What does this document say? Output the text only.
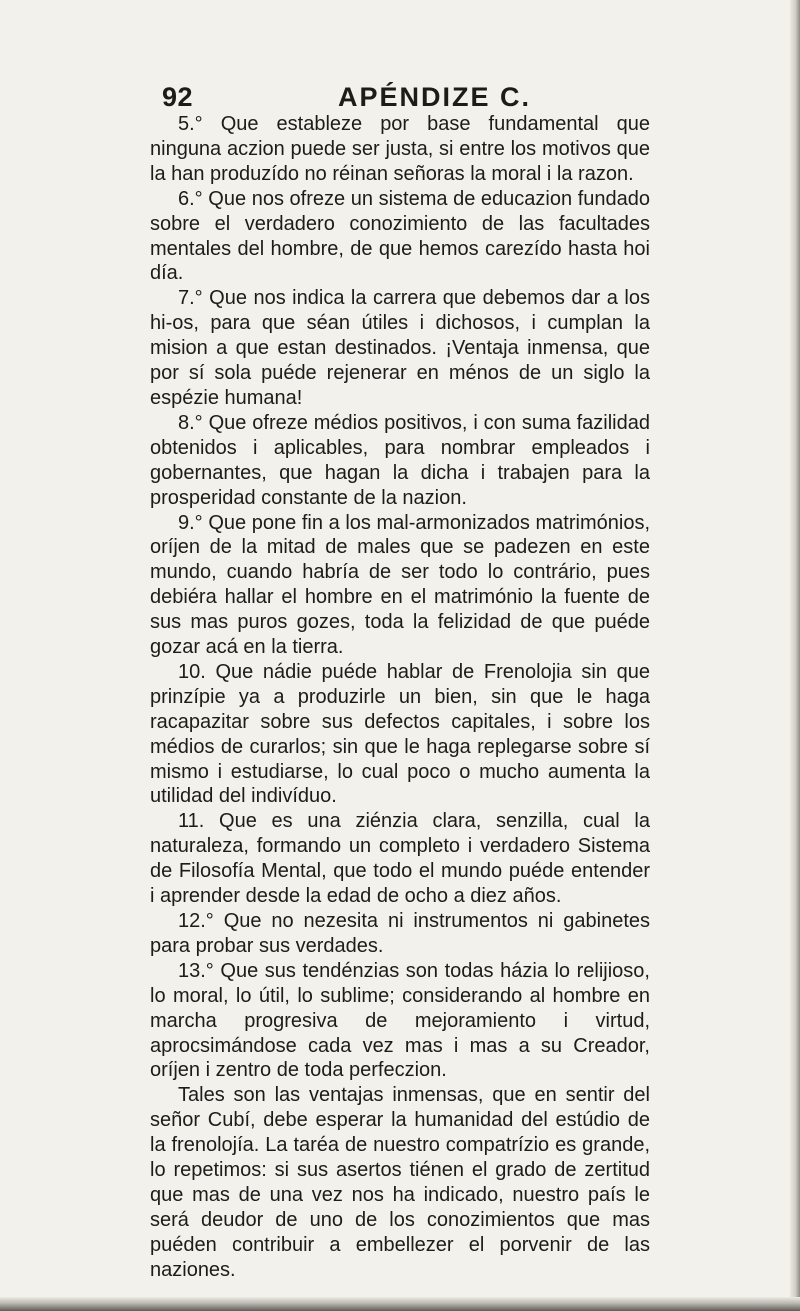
92	APÉNDIZE C.

5.° Que estableze por base fundamental que ninguna aczion puede ser justa, si entre los motivos que la han produzído no réinan señoras la moral i la razon.

6.° Que nos ofreze un sistema de educazion fundado sobre el verdadero conozimiento de las facultades mentales del hombre, de que hemos carezído hasta hoi día.

7.° Que nos indica la carrera que debemos dar a los hi-os, para que séan útiles i dichosos, i cumplan la mision a que estan destinados. ¡Ventaja inmensa, que por sí sola puéde rejenerar en ménos de un siglo la espézie humana!

8.° Que ofreze médios positivos, i con suma fazilidad obtenidos i aplicables, para nombrar empleados i gobernantes, que hagan la dicha i trabajen para la prosperidad constante de la nazion.

9.° Que pone fin a los mal-armonizados matrimónios, oríjen de la mitad de males que se padezen en este mundo, cuando habría de ser todo lo contrário, pues debiéra hallar el hombre en el matrimónio la fuente de sus mas puros gozes, toda la felizidad de que puéde gozar acá en la tierra.

10. Que nádie puéde hablar de Frenolojia sin que prinzípie ya a produzirle un bien, sin que le haga racapazitar sobre sus defectos capitales, i sobre los médios de curarlos; sin que le haga replegarse sobre sí mismo i estudiarse, lo cual poco o mucho aumenta la utilidad del indivíduo.

11. Que es una ziénzia clara, senzilla, cual la naturaleza, formando un completo i verdadero Sistema de Filosofía Mental, que todo el mundo puéde entender i aprender desde la edad de ocho a diez años.

12.° Que no nezesita ni instrumentos ni gabinetes para probar sus verdades.

13.° Que sus tendénzias son todas házia lo relijioso, lo moral, lo útil, lo sublime; considerando al hombre en marcha progresiva de mejoramiento i virtud, aprocsimándose cada vez mas i mas a su Creador, oríjen i zentro de toda perfeczion.

Tales son las ventajas inmensas, que en sentir del señor Cubí, debe esperar la humanidad del estúdio de la frenolojía. La taréa de nuestro compatrízio es grande, lo repetimos: si sus asertos tiénen el grado de zertitud que mas de una vez nos ha indicado, nuestro país le será deudor de uno de los conozimientos que mas puéden contribuir a embellezer el porvenir de las naziones.
